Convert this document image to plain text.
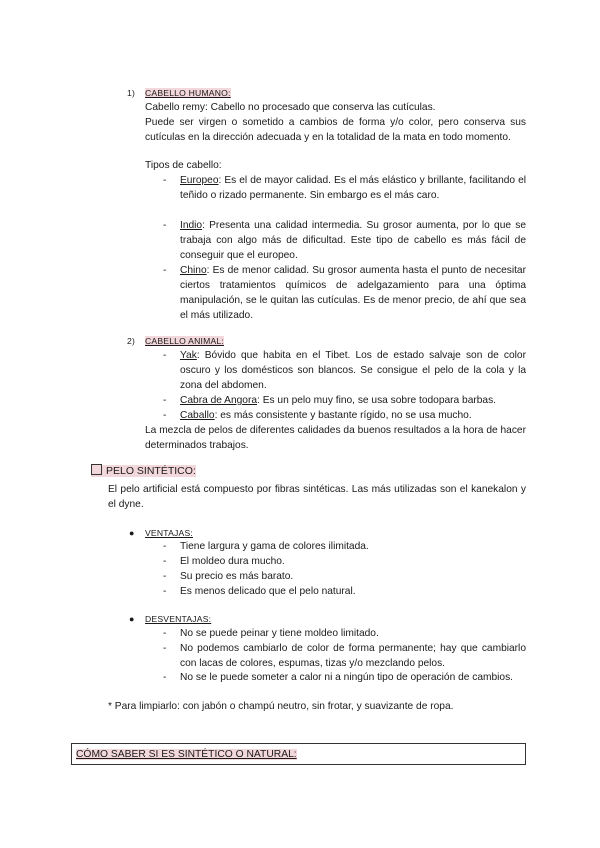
1) CABELLO HUMANO:
Cabello remy: Cabello no procesado que conserva las cutículas.
Puede ser virgen o sometido a cambios de forma y/o color, pero conserva sus cutículas en la dirección adecuada y en la totalidad de la mata en todo momento.
Tipos de cabello:
-	Europeo: Es el de mayor calidad. Es el más elástico y brillante, facilitando el teñido o rizado permanente. Sin embargo es el más caro.
-	Indio: Presenta una calidad intermedia. Su grosor aumenta, por lo que se trabaja con algo más de dificultad. Este tipo de cabello es más fácil de conseguir que el europeo.
-	Chino: Es de menor calidad. Su grosor aumenta hasta el punto de necesitar ciertos tratamientos químicos de adelgazamiento para una óptima manipulación, se le quitan las cutículas. Es de menor precio, de ahí que sea el más utilizado.
2) CABELLO ANIMAL:
-	Yak: Bóvido que habita en el Tibet. Los de estado salvaje son de color oscuro y los domésticos son blancos. Se consigue el pelo de la cola y la zona del abdomen.
-	Cabra de Angora: Es un pelo muy fino, se usa sobre todopara barbas.
-	Caballo: es más consistente y bastante rígido, no se usa mucho.
La mezcla de pelos de diferentes calidades da buenos resultados a la hora de hacer determinados trabajos.
PELO SINTÉTICO:
El pelo artificial está compuesto por fibras sintéticas. Las más utilizadas son el kanekalon y el dyne.
● VENTAJAS:
- Tiene largura y gama de colores ilimitada.
- El moldeo dura mucho.
- Su precio es más barato.
- Es menos delicado que el pelo natural.
● DESVENTAJAS:
-	No se puede peinar y tiene moldeo limitado.
-	No podemos cambiarlo de color de forma permanente; hay que cambiarlo con lacas de colores, espumas, tizas y/o mezclando pelos.
-	No se le puede someter a calor ni a ningún tipo de operación de cambios.
* Para limpiarlo: con jabón o champú neutro, sin frotar, y suavizante de ropa.
CÓMO SABER SI ES SINTÉTICO O NATURAL:
